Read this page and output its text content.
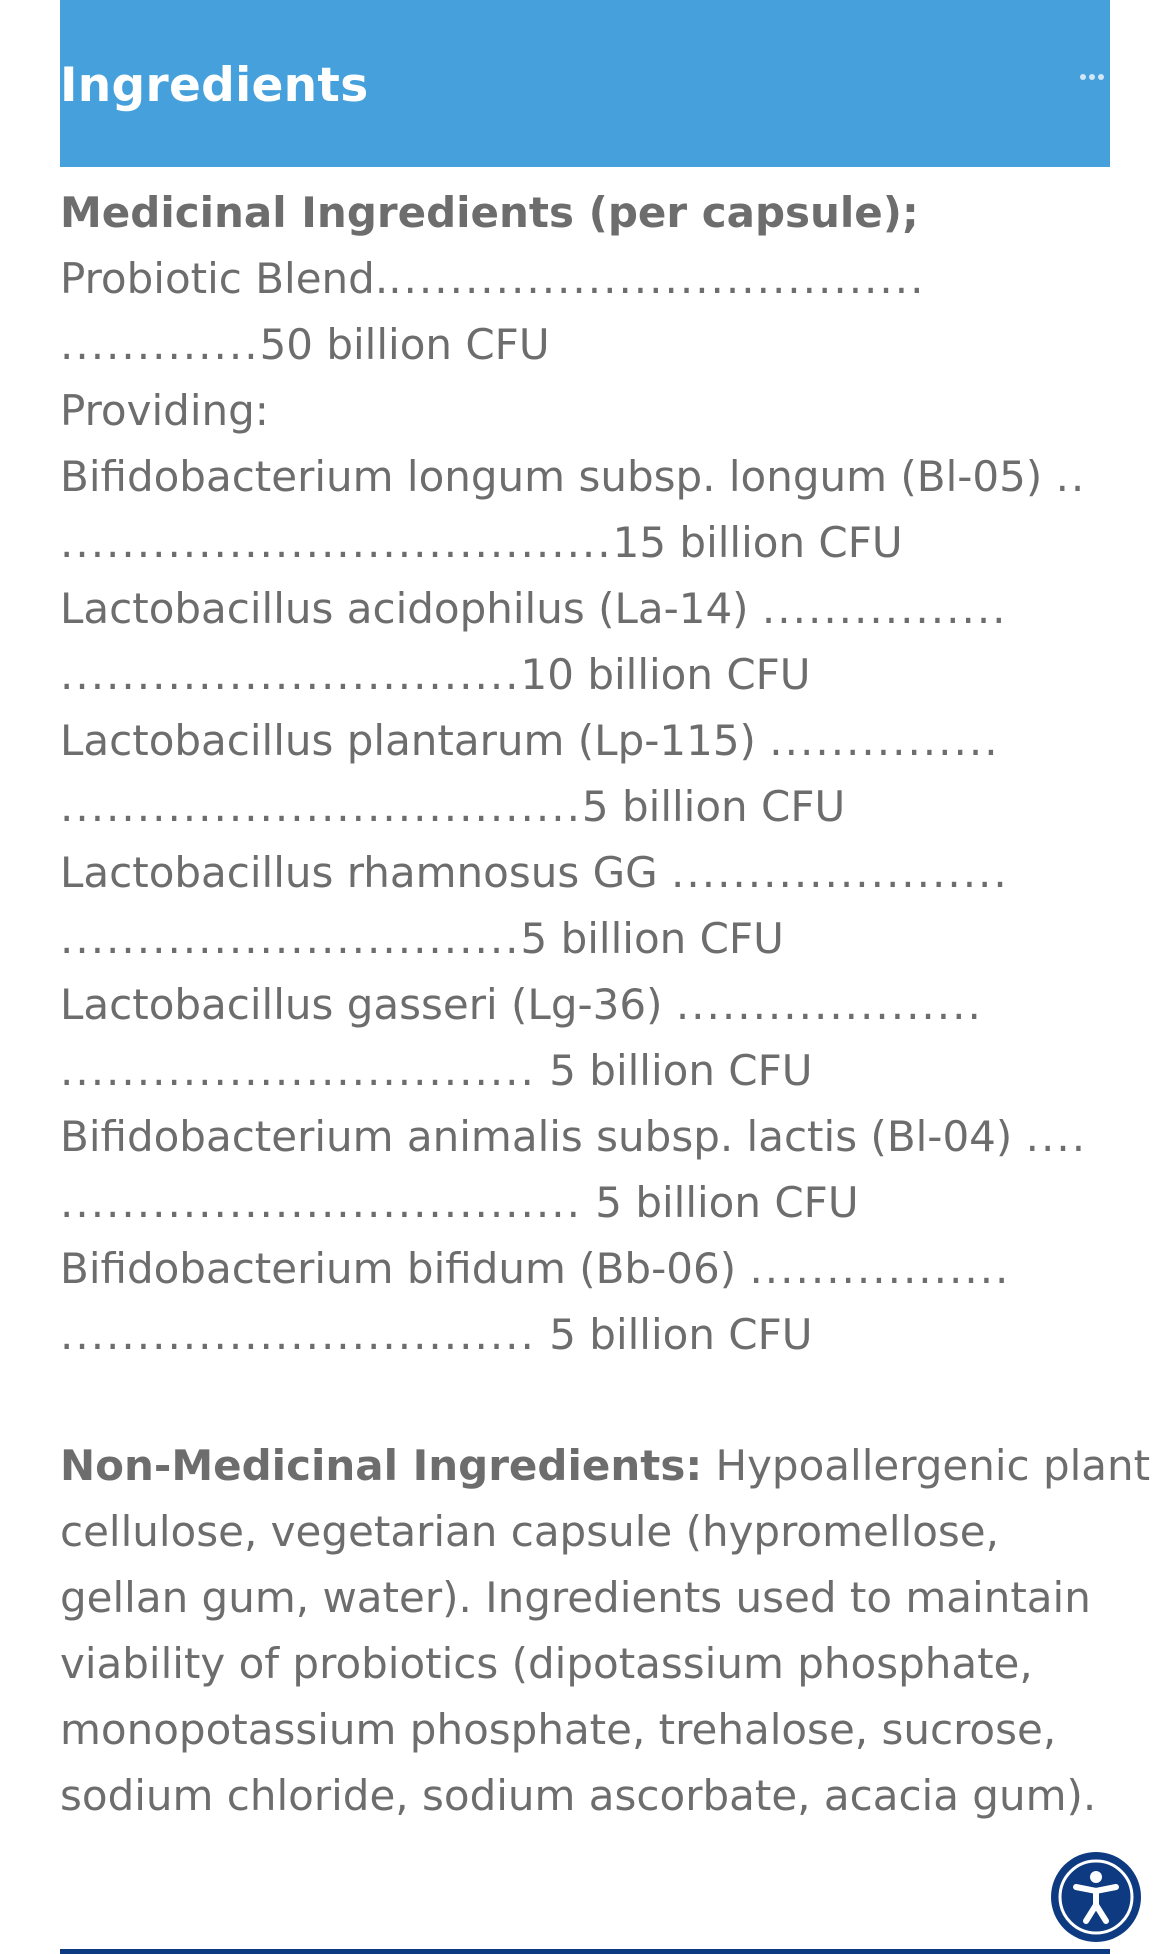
Ingredients
Medicinal Ingredients (per capsule);
Probiotic Blend....................................
.............50 billion CFU
Providing:
Bifidobacterium longum subsp. longum (Bl-05) ..
....................................15 billion CFU
Lactobacillus acidophilus (La-14) ................
..............................10 billion CFU
Lactobacillus plantarum (Lp-115) ...............
..................................5 billion CFU
Lactobacillus rhamnosus GG ......................
..............................5 billion CFU
Lactobacillus gasseri (Lg-36) ....................
............................... 5 billion CFU
Bifidobacterium animalis subsp. lactis (Bl-04) ....
.................................. 5 billion CFU
Bifidobacterium bifidum (Bb-06) .................
............................... 5 billion CFU
Non-Medicinal Ingredients: Hypoallergenic plant
cellulose, vegetarian capsule (hypromellose,
gellan gum, water). Ingredients used to maintain
viability of probiotics (dipotassium phosphate,
monopotassium phosphate, trehalose, sucrose,
sodium chloride, sodium ascorbate, acacia gum).
